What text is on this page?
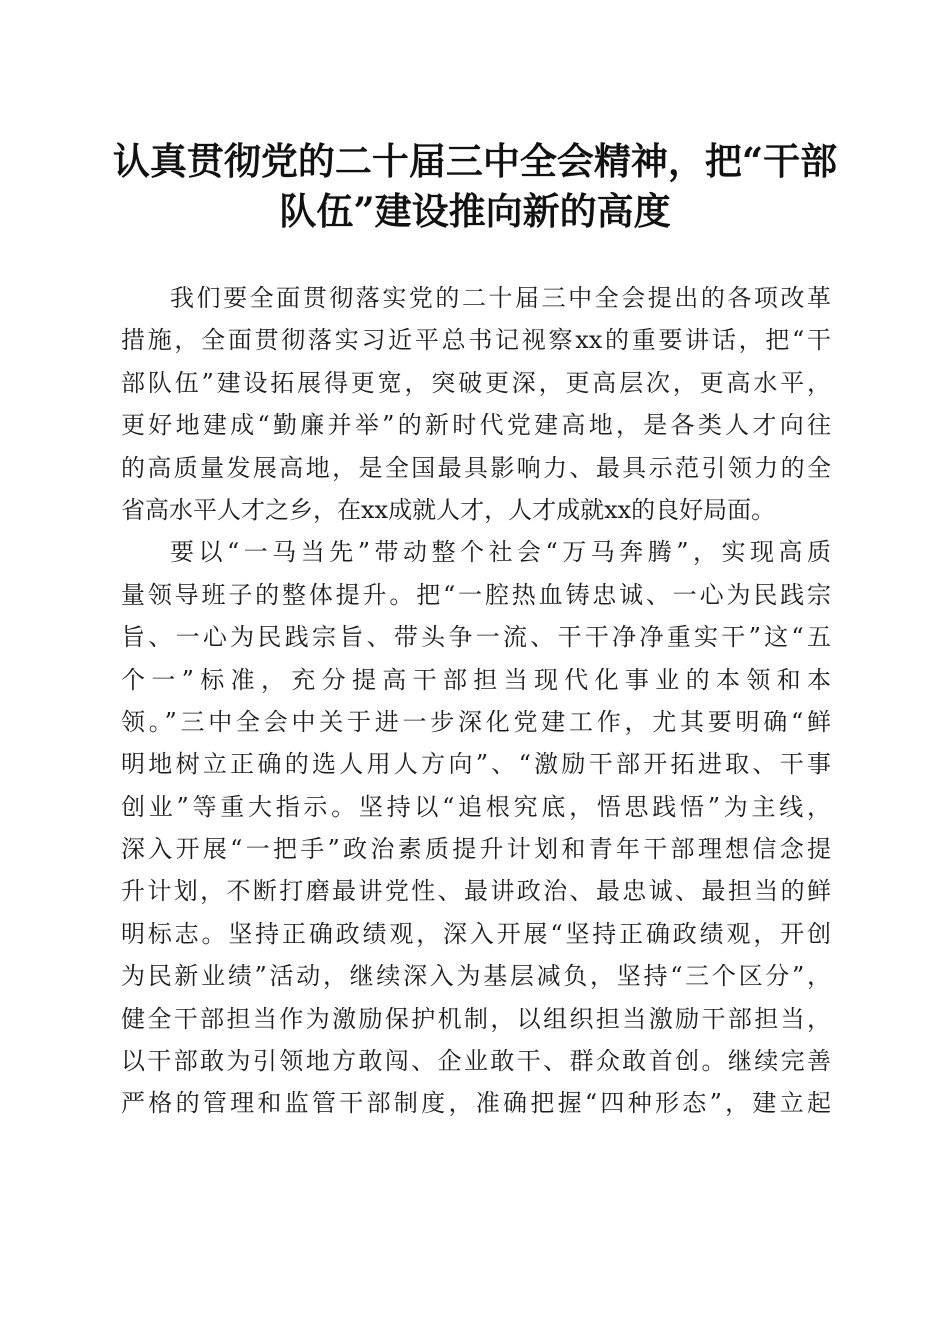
认真贯彻党的二十届三中全会精神，把“干部
队伍”建设推向新的高度
我们要全面贯彻落实党的二十届三中全会提出的各项改革
措施，全面贯彻落实习近平总书记视察xx的重要讲话，把“干
部队伍”建设拓展得更宽，突破更深，更高层次，更高水平，
更好地建成“勤廉并举”的新时代党建高地，是各类人才向往
的高质量发展高地，是全国最具影响力、最具示范引领力的全
省高水平人才之乡，在xx成就人才，人才成就xx的良好局面。
要以“一马当先”带动整个社会“万马奔腾”，实现高质
量领导班子的整体提升。把“一腔热血铸忠诚、一心为民践宗
旨、一心为民践宗旨、带头争一流、干干净净重实干”这“五
个一”标准，充分提高干部担当现代化事业的本领和本
领。”三中全会中关于进一步深化党建工作，尤其要明确“鲜
明地树立正确的选人用人方向”、“激励干部开拓进取、干事
创业”等重大指示。坚持以“追根究底，悟思践悟”为主线，
深入开展“一把手”政治素质提升计划和青年干部理想信念提
升计划，不断打磨最讲党性、最讲政治、最忠诚、最担当的鲜
明标志。坚持正确政绩观，深入开展“坚持正确政绩观，开创
为民新业绩”活动，继续深入为基层减负，坚持“三个区分”，
健全干部担当作为激励保护机制，以组织担当激励干部担当，
以干部敢为引领地方敢闯、企业敢干、群众敢首创。继续完善
严格的管理和监管干部制度，准确把握“四种形态”，建立起
